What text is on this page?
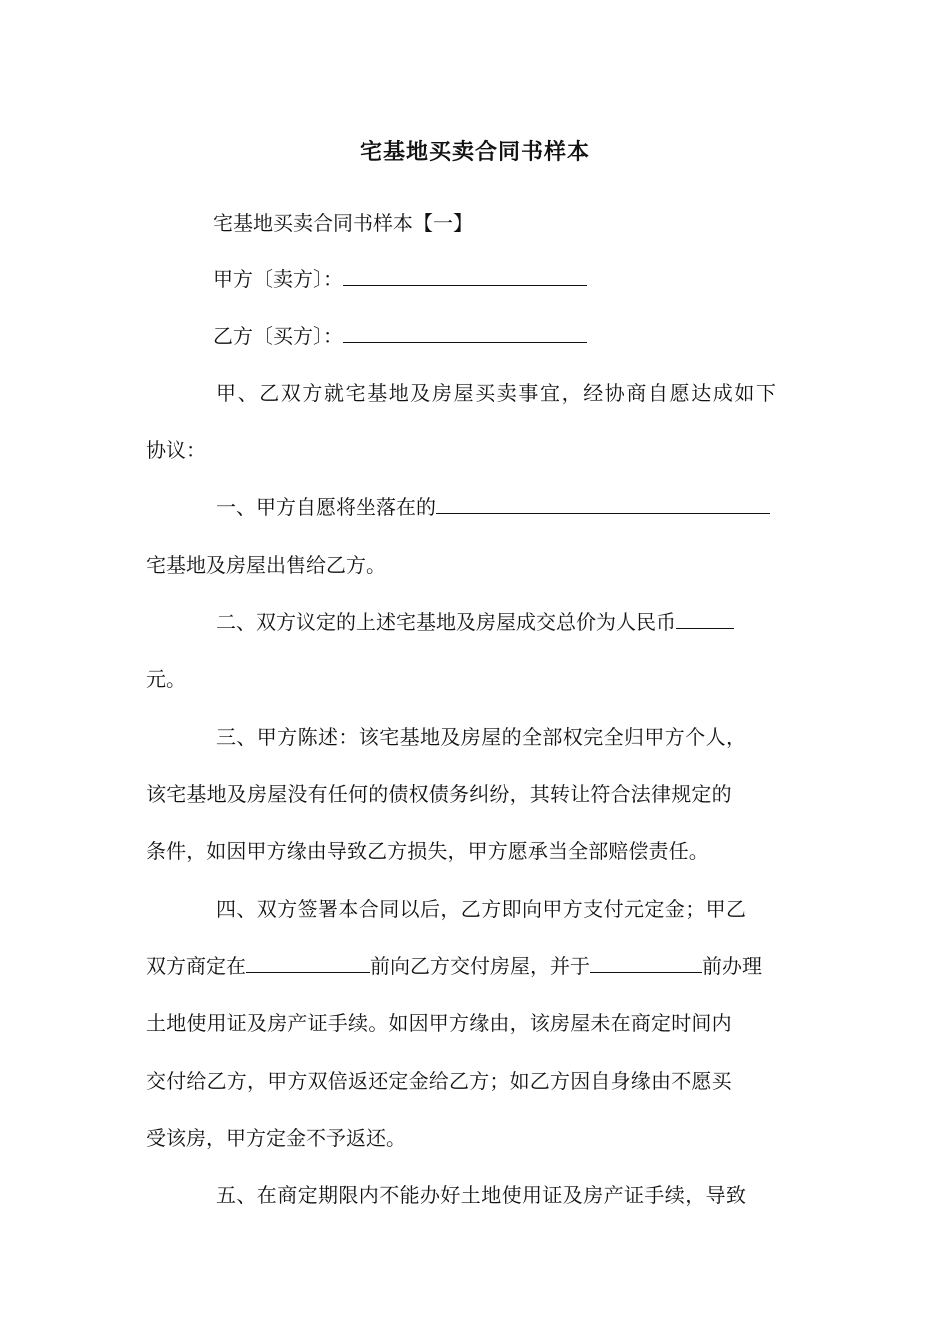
宅基地买卖合同书样本
宅基地买卖合同书样本【一】
甲方〔卖方〕：
乙方〔买方〕：
甲、乙双方就宅基地及房屋买卖事宜，经协商自愿达成如下
协议：
一、甲方自愿将坐落在的
宅基地及房屋出售给乙方。
二、双方议定的上述宅基地及房屋成交总价为人民币
元。
三、甲方陈述：该宅基地及房屋的全部权完全归甲方个人，
该宅基地及房屋没有任何的债权债务纠纷，其转让符合法律规定的
条件，如因甲方缘由导致乙方损失，甲方愿承当全部赔偿责任。
四、双方签署本合同以后，乙方即向甲方支付元定金；甲乙
双方商定在	前向乙方交付房屋，并于	前办理
土地使用证及房产证手续。如因甲方缘由，该房屋未在商定时间内
交付给乙方，甲方双倍返还定金给乙方；如乙方因自身缘由不愿买
受该房，甲方定金不予返还。
五、在商定期限内不能办好土地使用证及房产证手续，导致
